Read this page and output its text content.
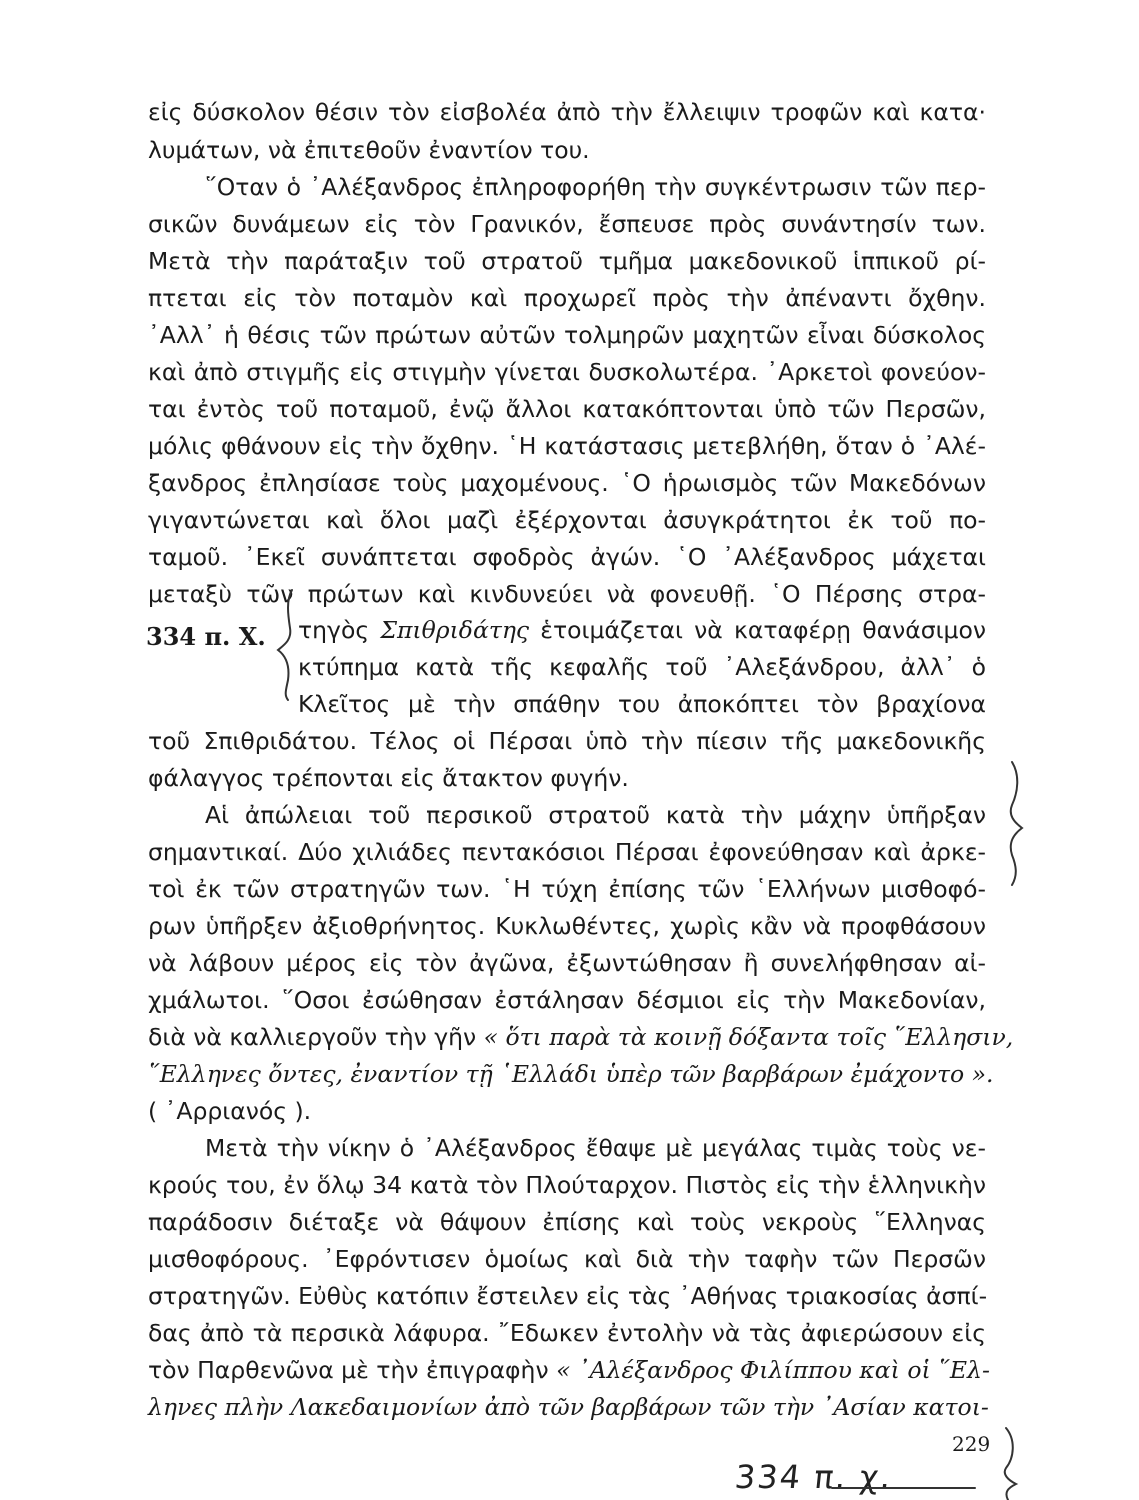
εἰς δύσκολον θέσιν τὸν εἰσβολέα ἀπὸ τὴν ἔλλειψιν τροφῶν καὶ κατα·
λυμάτων, νὰ ἐπιτεθοῦν ἐναντίον του.
῞Οταν ὁ ᾽Αλέξανδρος ἐπληροφορήθη τὴν συγκέντρωσιν τῶν περ-
σικῶν δυνάμεων εἰς τὸν Γρανικόν, ἔσπευσε πρὸς συνάντησίν των.
Μετὰ τὴν παράταξιν τοῦ στρατοῦ τμῆμα μακεδονικοῦ ἱππικοῦ ρί-
πτεται εἰς τὸν ποταμὸν καὶ προχωρεῖ πρὸς τὴν ἀπέναντι ὄχθην.
᾽Αλλ᾽ ἡ θέσις τῶν πρώτων αὐτῶν τολμηρῶν μαχητῶν εἶναι δύσκολος
καὶ ἀπὸ στιγμῆς εἰς στιγμὴν γίνεται δυσκολωτέρα. ᾽Αρκετοὶ φονεύον-
ται ἐντὸς τοῦ ποταμοῦ, ἐνῷ ἄλλοι κατακόπτονται ὑπὸ τῶν Περσῶν,
μόλις φθάνουν εἰς τὴν ὄχθην. ῾Η κατάστασις μετεβλήθη, ὅταν ὁ ᾽Αλέ-
ξανδρος ἐπλησίασε τοὺς μαχομένους. ῾Ο ἡρωισμὸς τῶν Μακεδόνων
γιγαντώνεται καὶ ὅλοι μαζὶ ἐξέρχονται ἀσυγκράτητοι ἐκ τοῦ πο-
ταμοῦ. ᾽Εκεῖ συνάπτεται σφοδρὸς ἀγών. ῾Ο ᾽Αλέξανδρος μάχεται
μεταξὺ τῶν πρώτων καὶ κινδυνεύει νὰ φονευθῇ. ῾Ο Πέρσης στρα-
τηγὸς Σπιθριδάτης ἑτοιμάζεται νὰ καταφέρῃ θανάσιμον
κτύπημα κατὰ τῆς κεφαλῆς τοῦ ᾽Αλεξάνδρου, ἀλλ᾽ ὁ
Κλεῖτος μὲ τὴν σπάθην του ἀποκόπτει τὸν βραχίονα
334 π. Χ.
τοῦ Σπιθριδάτου. Τέλος οἱ Πέρσαι ὑπὸ τὴν πίεσιν τῆς μακεδονικῆς
φάλαγγος τρέπονται εἰς ἄτακτον φυγήν.
Αἱ ἀπώλειαι τοῦ περσικοῦ στρατοῦ κατὰ τὴν μάχην ὑπῆρξαν
σημαντικαί. Δύο χιλιάδες πεντακόσιοι Πέρσαι ἐφονεύθησαν καὶ ἀρκε-
τοὶ ἐκ τῶν στρατηγῶν των. ῾Η τύχη ἐπίσης τῶν ῾Ελλήνων μισθοφό-
ρων ὑπῆρξεν ἀξιοθρήνητος. Κυκλωθέντες, χωρὶς κἂν νὰ προφθάσουν
νὰ λάβουν μέρος εἰς τὸν ἀγῶνα, ἐξωντώθησαν ἢ συνελήφθησαν αἰ-
χμάλωτοι. ῞Οσοι ἐσώθησαν ἐστάλησαν δέσμιοι εἰς τὴν Μακεδονίαν,
διὰ νὰ καλλιεργοῦν τὴν γῆν « ὅτι παρὰ τὰ κοινῇ δόξαντα τοῖς ῞Ελλησιν,
῞Ελληνες ὄντες, ἐναντίον τῇ ῾Ελλάδι ὑπὲρ τῶν βαρβάρων ἐμάχοντο ».
( ᾽Αρριανός ).
Μετὰ τὴν νίκην ὁ ᾽Αλέξανδρος ἔθαψε μὲ μεγάλας τιμὰς τοὺς νε-
κρούς του, ἐν ὅλῳ 34 κατὰ τὸν Πλούταρχον. Πιστὸς εἰς τὴν ἑλληνικὴν
παράδοσιν διέταξε νὰ θάψουν ἐπίσης καὶ τοὺς νεκροὺς ῞Ελληνας
μισθοφόρους. ᾽Εφρόντισεν ὁμοίως καὶ διὰ τὴν ταφὴν τῶν Περσῶν
στρατηγῶν. Εὐθὺς κατόπιν ἔστειλεν εἰς τὰς ᾽Αθήνας τριακοσίας ἀσπί-
δας ἀπὸ τὰ περσικὰ λάφυρα. ῎Εδωκεν ἐντολὴν νὰ τὰς ἀφιερώσουν εἰς
τὸν Παρθενῶνα μὲ τὴν ἐπιγραφὴν « ᾽Αλέξανδρος Φιλίππου καὶ οἱ ῞Ελ-
ληνες πλὴν Λακεδαιμονίων ἀπὸ τῶν βαρβάρων τῶν τὴν ᾽Ασίαν κατοι-
229
334 π. χ.
